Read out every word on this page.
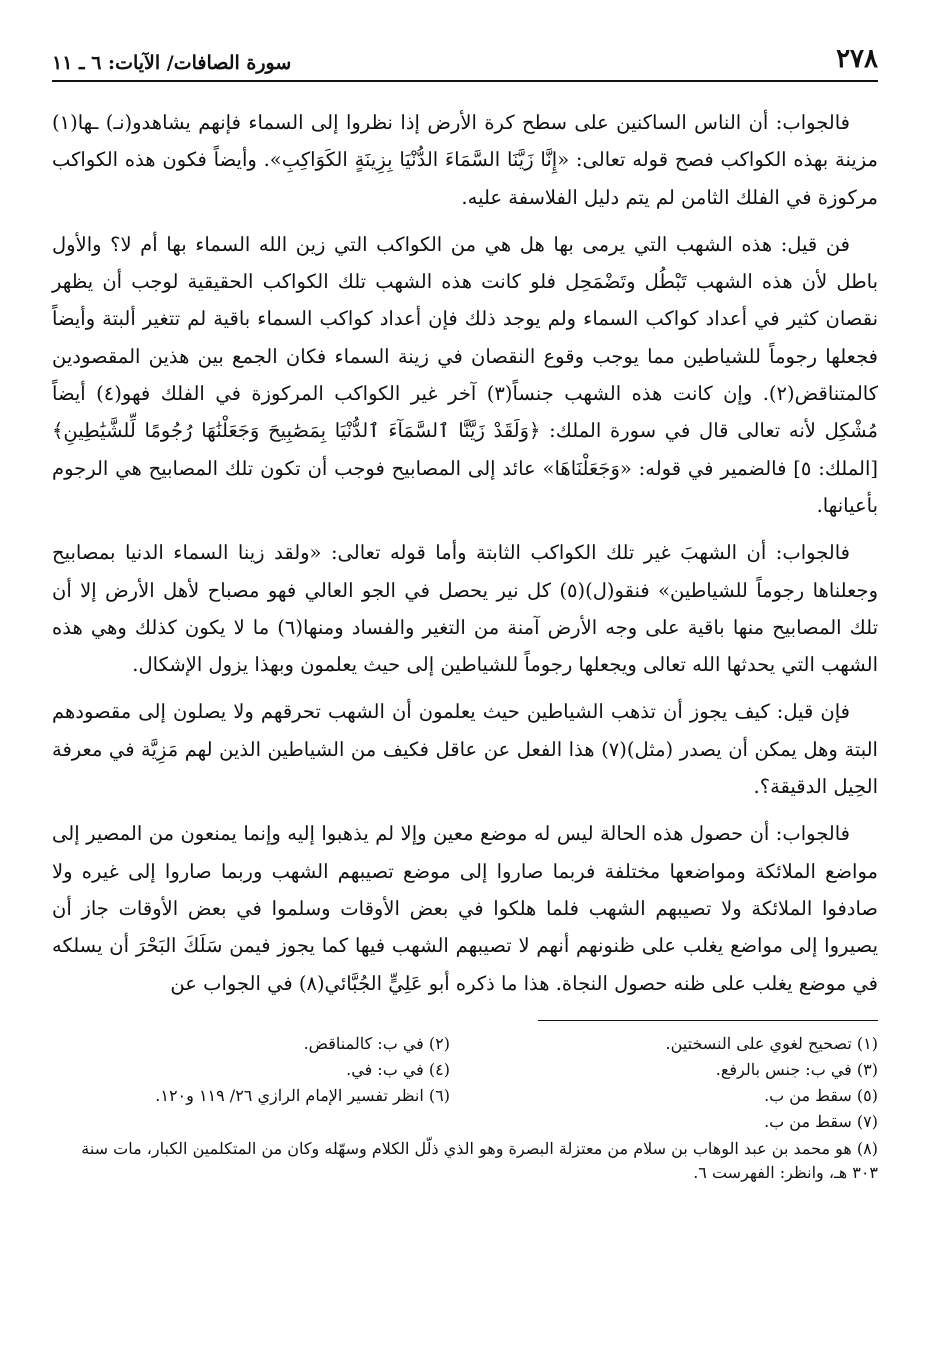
٢٧٨
سورة الصافات/ الآيات: ٦ ـ ١١

فالجواب: أن الناس الساكنين على سطح كرة الأرض إذا نظروا إلى السماء فإنهم يشاهدو(نـ) ـها(١) مزينة بهذه الكواكب فصح قوله تعالى: «إِنَّا زَيَّنَا السَّمَاءَ الدُّنْيَا بِزِينَةٍ الكَوَاكِبِ». وأيضاً فكون هذه الكواكب مركوزة في الفلك الثامن لم يتم دليل الفلاسفة عليه.

فن قيل: هذه الشهب التي يرمى بها هل هي من الكواكب التي زين الله السماء بها أم لا؟ والأول باطل لأن هذه الشهب تَبْطُل وتَضْمَحِل فلو كانت هذه الشهب تلك الكواكب الحقيقية لوجب أن يظهر نقصان كثير في أعداد كواكب السماء ولم يوجد ذلك فإن أعداد كواكب السماء باقية لم تتغير ألبتة وأيضاً فجعلها رجوماً للشياطين مما يوجب وقوع النقصان في زينة السماء فكان الجمع بين هذين المقصودين كالمتناقض(٢). وإن كانت هذه الشهب جنساً(٣) آخر غير الكواكب المركوزة في الفلك فهو(٤) أيضاً مُشْكِل لأنه تعالى قال في سورة الملك: ﴿وَلَقَدْ زَيَّنَّا ٱلسَّمَآءَ ٱلدُّنْيَا بِمَصَٰبِيحَ وَجَعَلْنَٰهَا رُجُومًا لِّلشَّيَٰطِينِ﴾ [الملك: ٥] فالضمير في قوله: «وَجَعَلْنَاهَا» عائد إلى المصابيح فوجب أن تكون تلك المصابيح هي الرجوم بأعيانها.

فالجواب: أن الشهبَ غير تلك الكواكب الثابتة وأما قوله تعالى: «ولقد زينا السماء الدنيا بمصابيح وجعلناها رجوماً للشياطين» فنقو(ل)(٥) كل نير يحصل في الجو العالي فهو مصباح لأهل الأرض إلا أن تلك المصابيح منها باقية على وجه الأرض آمنة من التغير والفساد ومنها(٦) ما لا يكون كذلك وهي هذه الشهب التي يحدثها الله تعالى ويجعلها رجوماً للشياطين إلى حيث يعلمون وبهذا يزول الإشكال.

فإن قيل: كيف يجوز أن تذهب الشياطين حيث يعلمون أن الشهب تحرقهم ولا يصلون إلى مقصودهم البتة وهل يمكن أن يصدر (مثل)(٧) هذا الفعل عن عاقل فكيف من الشياطين الذين لهم مَزِيَّة في معرفة الحِيل الدقيقة؟.

فالجواب: أن حصول هذه الحالة ليس له موضع معين وإلا لم يذهبوا إليه وإنما يمنعون من المصير إلى مواضع الملائكة ومواضعها مختلفة فربما صاروا إلى موضع تصيبهم الشهب وربما صاروا إلى غيره ولا صادفوا الملائكة ولا تصيبهم الشهب فلما هلكوا في بعض الأوقات وسلموا في بعض الأوقات جاز أن يصيروا إلى مواضع يغلب على ظنونهم أنهم لا تصيبهم الشهب فيها كما يجوز فيمن سَلَكَ البَحْرَ أن يسلكه في موضع يغلب على ظنه حصول النجاة. هذا ما ذكره أبو عَلِيٍّ الجُبَّائي(٨) في الجواب عن

(١) تصحيح لغوي على النسختين.
(٢) في ب: كالمناقض.
(٣) في ب: جنس بالرفع.
(٤) في ب: في.
(٥) سقط من ب.
(٦) انظر تفسير الإمام الرازي ٢٦/ ١١٩ و١٢٠.
(٧) سقط من ب.
(٨) هو محمد بن عبد الوهاب بن سلام من معتزلة البصرة وهو الذي ذلّل الكلام وسهّله وكان من المتكلمين الكبار، مات سنة ٣٠٣ هـ، وانظر: الفهرست ٦.
